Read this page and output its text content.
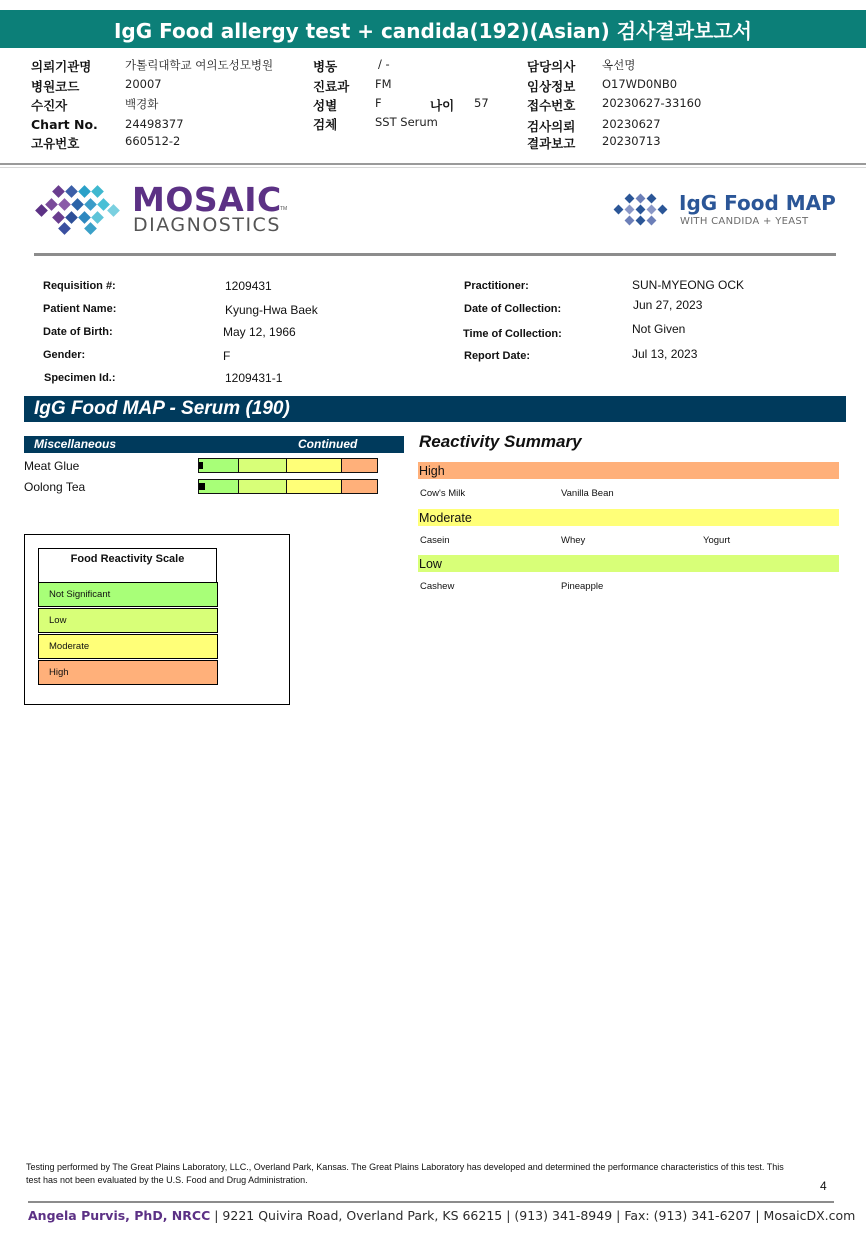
IgG Food allergy test + candida(192)(Asian) 검사결과보고서
의뢰기관명	가톨릭대학교 여의도성모병원
병원코드	20007
수진자	백경화
Chart No. 24498377
고유번호	660512-2
병동	/ -
진료과 FM
성별	F	나이 57
검체	SST Serum
담당의사 옥선명
임상정보 O17WD0NB0
접수번호 20230627-33160
검사의뢰 20230627
결과보고 20230713
MOSAIC
TM
DIAGNOSTICS
IgG Food MAP
WITH CANDIDA + YEAST
Requisition #:	1209431
Patient Name:	Kyung-Hwa Baek
Date of Birth:	May 12, 1966
Gender:	F
Specimen Id.:	1209431-1
Practitioner:	SUN-MYEONG OCK
Date of Collection:	Jun 27, 2023
Time of Collection:	Not Given
Report Date:	Jul 13, 2023
IgG Food MAP - Serum (190)
Miscellaneous	Continued
Meat Glue
Oolong Tea
Food Reactivity Scale
Not Significant
Low
Moderate
High
Reactivity Summary
High
Cow's Milk	Vanilla Bean
Moderate
Casein	Whey	Yogurt
Low
Cashew	Pineapple
Testing performed by The Great Plains Laboratory, LLC., Overland Park, Kansas. The Great Plains Laboratory has developed and determined the performance characteristics of this test. This test has not been evaluated by the U.S. Food and Drug Administration.	4
Angela Purvis, PhD, NRCC | 9221 Quivira Road, Overland Park, KS 66215 | (913) 341-8949 | Fax: (913) 341-6207 | MosaicDX.com
